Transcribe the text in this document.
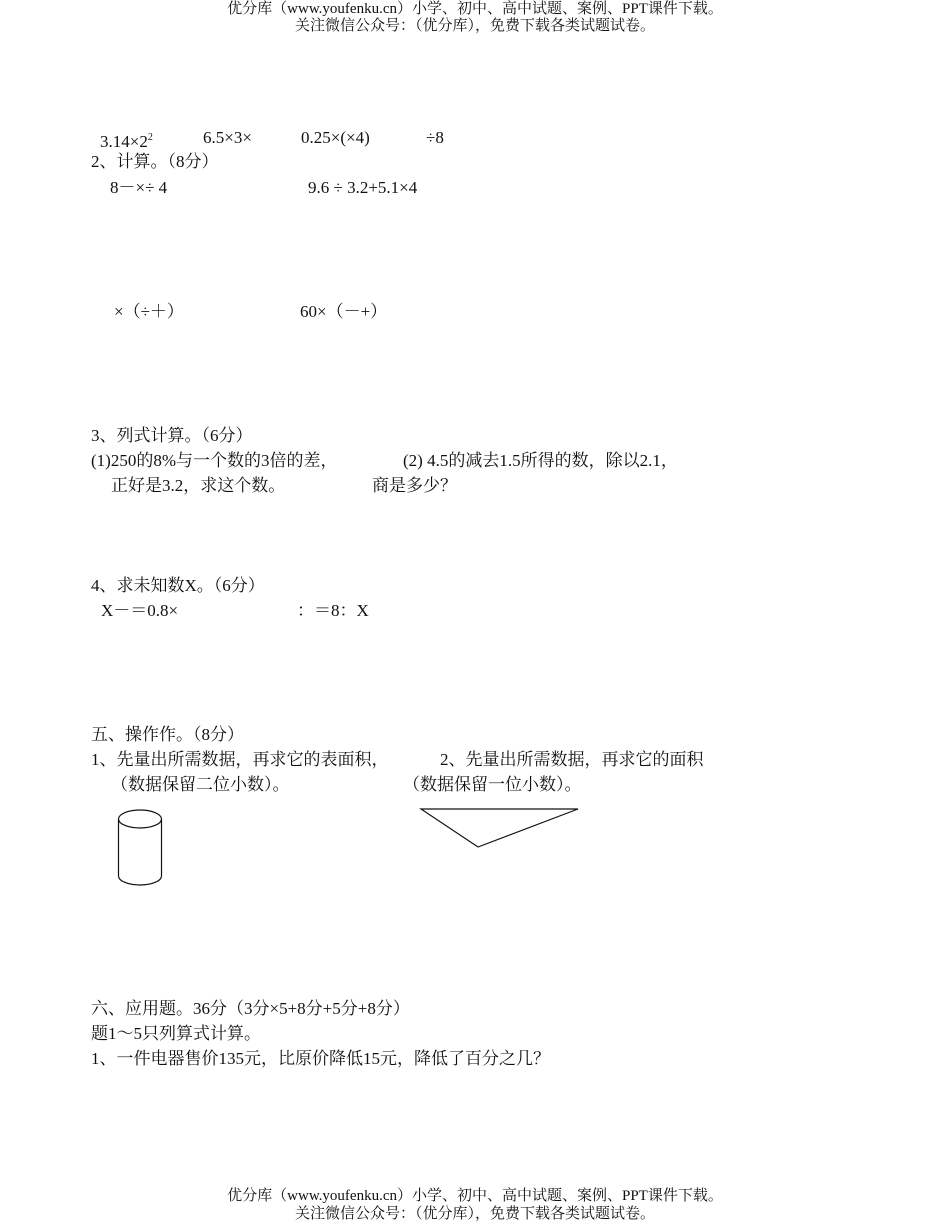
优分库（www.youfenku.cn）小学、初中、高中试题、案例、PPT课件下载。
关注微信公众号：（优分库），免费下载各类试题试卷。
$3.14\times 2^2$	6.5×3×	0.25×(×4)	÷8
2、计算。（8分）
8－×÷ 4	9.6 ÷ 3.2+5.1×4
×（÷＋）	60×（－+）
3、列式计算。（6分）
(1)250的8%与一个数的3倍的差，	(2) 4.5的减去1.5所得的数，除以2.1，
正好是3.2，求这个数。	商是多少？
4、求未知数X。（6分）
X－＝0.8×	：＝8：X
五、操作作。（8分）
1、先量出所需数据，再求它的表面积，	2、先量出所需数据，再求它的面积
（数据保留二位小数）。	（数据保留一位小数）。
六、应用题。36分（3分×5+8分+5分+8分）
题1～5只列算式计算。
1、一件电器售价135元，比原价降低15元，降低了百分之几？
优分库（www.youfenku.cn）小学、初中、高中试题、案例、PPT课件下载。
关注微信公众号：（优分库），免费下载各类试题试卷。
